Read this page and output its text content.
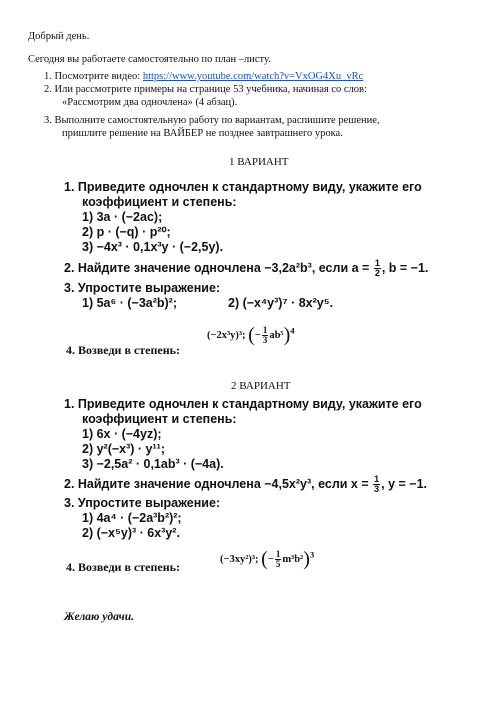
Добрый день.
Сегодня вы работаете самостоятельно по план –листу.
1. Посмотрите видео: https://www.youtube.com/watch?v=VxOG4Xu_vRc
2. Или рассмотрите примеры на странице 53 учебника, начиная со слов:
«Рассмотрим два одночлена» (4 абзац).
3. Выполните самостоятельную работу по вариантам, распишите решение,
пришлите решение на ВАЙБЕР не позднее завтрашнего урока.
1 ВАРИАНТ
1. Приведите одночлен к стандартному виду, укажите его
коэффициент и степень:
1) 3a · (−2ac);
2) p · (−q) · p²⁰;
3) −4x³ · 0,1x³y · (−2,5y).
2. Найдите значение одночлена −3,2a²b³, если $a = \frac{1}{2}$ , b = −1.
3. Упростите выражение:
1) 5a⁶ · (−3a²b)²;	2) (−x⁴y³)⁷ · 8x²y⁵.
4. Возведи в степень:
(−2x³y)³; (− $\frac{1}{3} ab^5)^4$
2 ВАРИАНТ
1. Приведите одночлен к стандартному виду, укажите его
коэффициент и степень:
1) 6x · (−4yz);
2) y²(−x³) · y¹¹;
3) −2,5a² · 0,1ab³ · (−4a).
2. Найдите значение одночлена −4,5x²y³, если $x = \frac{1}{3}$ , y = −1.
3. Упростите выражение:
1) 4a⁴ · (−2a³b²)²;
2) (−x⁵y)³ · 6x³y².
4. Возведи в степень:
(−3xy²)³; (− $\frac{1}{5} m^3b^2)^3$
Желаю удачи.
